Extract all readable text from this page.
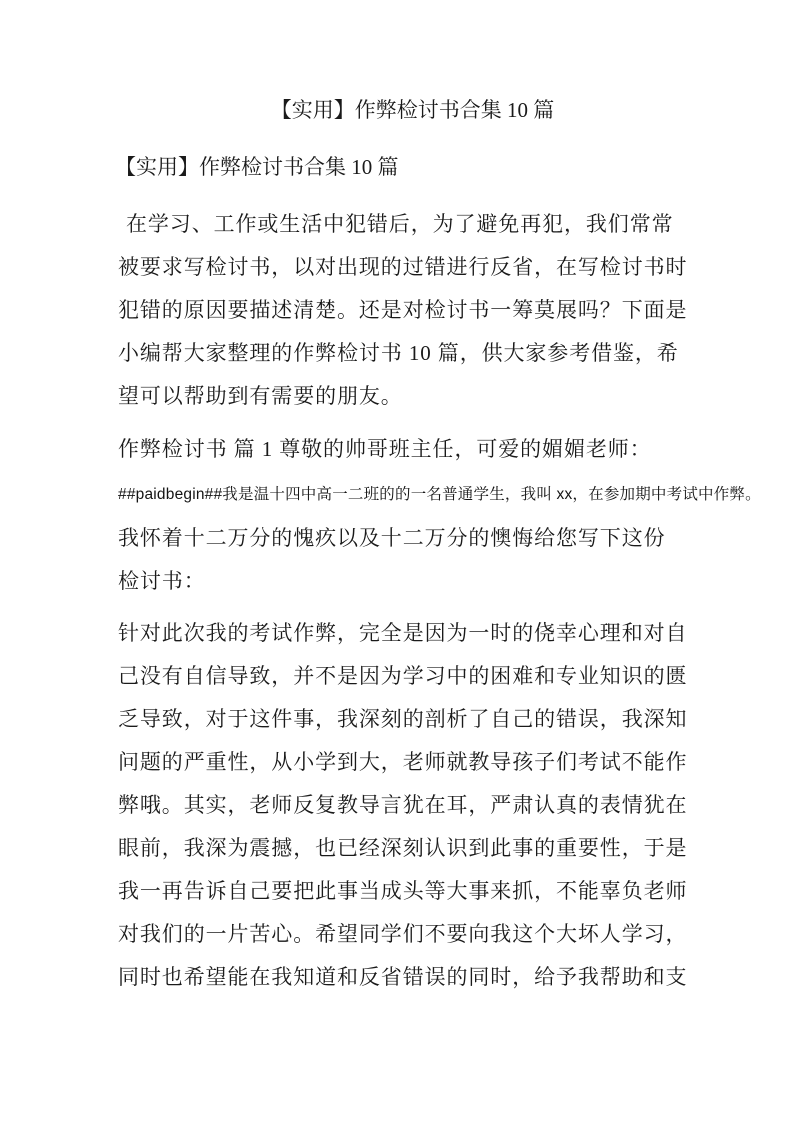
【实用】作弊检讨书合集 10 篇
【实用】作弊检讨书合集 10 篇
在学习、工作或生活中犯错后，为了避免再犯，我们常常
被要求写检讨书，以对出现的过错进行反省，在写检讨书时
犯错的原因要描述清楚。还是对检讨书一筹莫展吗？下面是
小编帮大家整理的作弊检讨书 10 篇，供大家参考借鉴，希
望可以帮助到有需要的朋友。
作弊检讨书 篇 1 尊敬的帅哥班主任，可爱的媚媚老师：
##paidbegin##我是温十四中高一二班的的一名普通学生，我叫 xx，在参加期中考试中作弊。
我怀着十二万分的愧疚以及十二万分的懊悔给您写下这份
检讨书：
针对此次我的考试作弊，完全是因为一时的侥幸心理和对自
己没有自信导致，并不是因为学习中的困难和专业知识的匮
乏导致，对于这件事，我深刻的剖析了自己的错误，我深知
问题的严重性，从小学到大，老师就教导孩子们考试不能作
弊哦。其实，老师反复教导言犹在耳，严肃认真的表情犹在
眼前，我深为震撼，也已经深刻认识到此事的重要性，于是
我一再告诉自己要把此事当成头等大事来抓，不能辜负老师
对我们的一片苦心。希望同学们不要向我这个大坏人学习，
同时也希望能在我知道和反省错误的同时，给予我帮助和支
